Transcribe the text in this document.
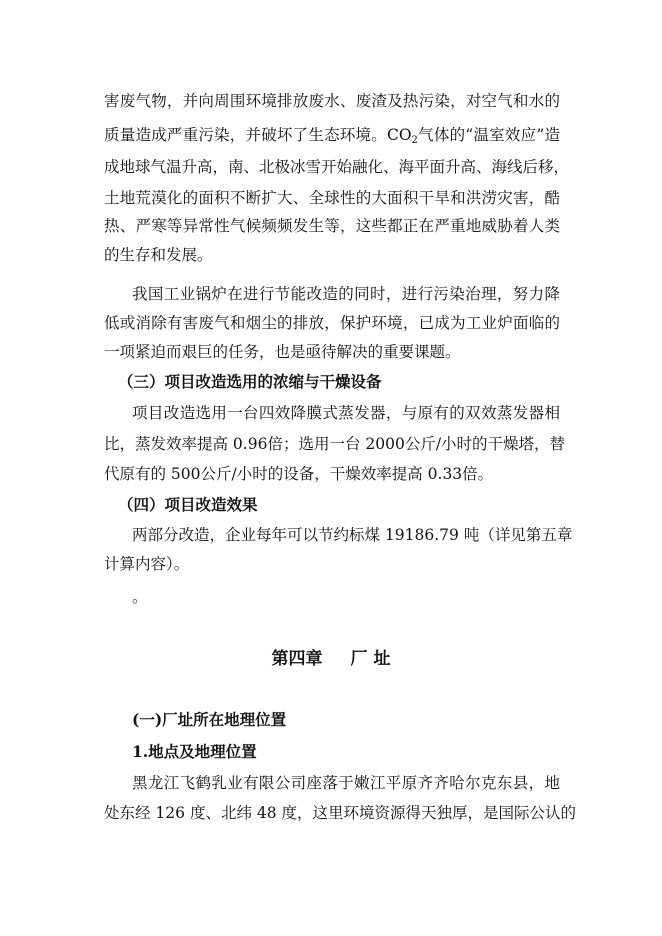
害废气物，并向周围环境排放废水、废渣及热污染，对空气和水的
质量造成严重污染，并破坏了生态环境。$CO_2$气体的“温室效应”造
成地球气温升高，南、北极冰雪开始融化、海平面升高、海线后移，
土地荒漠化的面积不断扩大、全球性的大面积干旱和洪涝灾害，酷
热、严寒等异常性气候频频发生等，这些都正在严重地威胁着人类
的生存和发展。
我国工业锅炉在进行节能改造的同时，进行污染治理，努力降
低或消除有害废气和烟尘的排放，保护环境，已成为工业炉面临的
一项紧迫而艰巨的任务，也是亟待解决的重要课题。
（三）项目改造选用的浓缩与干燥设备
项目改造选用一台四效降膜式蒸发器，与原有的双效蒸发器相
比，蒸发效率提高 0.96倍；选用一台 2000公斤/小时的干燥塔，替
代原有的 500公斤/小时的设备，干燥效率提高 0.33倍。
（四）项目改造效果
两部分改造，企业每年可以节约标煤 19186.79 吨（详见第五章
计算内容）。
。
第四章 厂 址
(一)厂址所在地理位置
1.地点及地理位置
黑龙江飞鹤乳业有限公司座落于嫩江平原齐齐哈尔克东县，地
处东经 126 度、北纬 48 度，这里环境资源得天独厚，是国际公认的
